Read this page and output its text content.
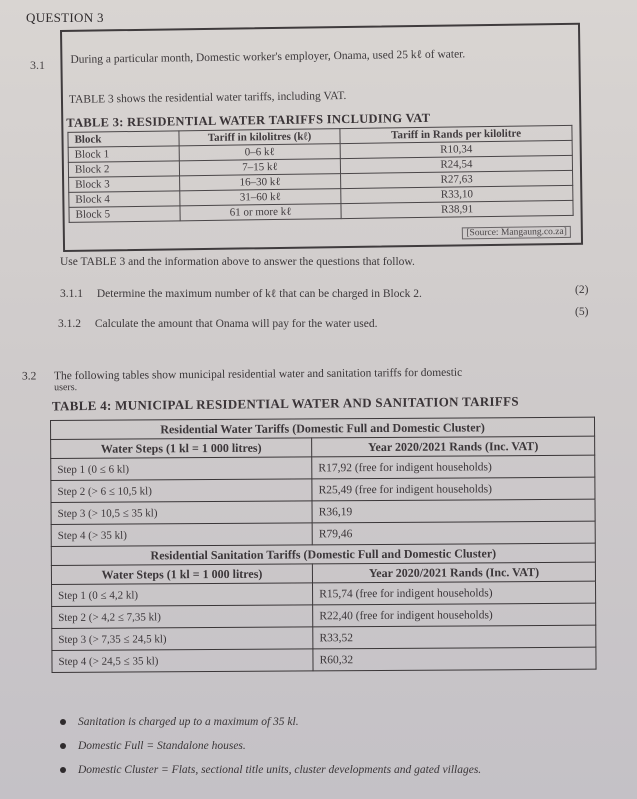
QUESTION 3
3.1 During a particular month, Domestic worker's employer, Onama, used 25 kℓ of water.
TABLE 3 shows the residential water tariffs, including VAT.
TABLE 3: RESIDENTIAL WATER TARIFFS INCLUDING VAT
Block	Tariff in kilolitres (kℓ)	Tariff in Rands per kilolitre
Block 1	0–6 kℓ	R10,34
Block 2	7–15 kℓ	R24,54
Block 3	16–30 kℓ	R27,63
Block 4	31–60 kℓ	R33,10
Block 5	61 or more kℓ	R38,91
[Source: Mangaung.co.za]
Use TABLE 3 and the information above to answer the questions that follow.
3.1.1 Determine the maximum number of kℓ that can be charged in Block 2.	(2)
3.1.2 Calculate the amount that Onama will pay for the water used.
(5)
3.2 The following tables show municipal residential water and sanitation tariffs for domestic
users.
TABLE 4: MUNICIPAL RESIDENTIAL WATER AND SANITATION TARIFFS
Residential Water Tariffs (Domestic Full and Domestic Cluster)	
Water Steps (1 kl = 1 000 litres)	Year 2020/2021 Rands (Inc. VAT)
Step 1 (0 ≤ 6 kl)	R17,92 (free for indigent households)
Step 2 (> 6 ≤ 10,5 kl)	R25,49 (free for indigent households)
Step 3 (> 10,5 ≤ 35 kl)	R36,19
Step 4 (> 35 kl)	R79,46
Residential Sanitation Tariffs (Domestic Full and Domestic Cluster)	
Water Steps (1 kl = 1 000 litres)	Year 2020/2021 Rands (Inc. VAT)
Step 1 (0 ≤ 4,2 kl)	R15,74 (free for indigent households)
Step 2 (> 4,2 ≤ 7,35 kl)	R22,40 (free for indigent households)
Step 3 (> 7,35 ≤ 24,5 kl)	R33,52
Step 4 (> 24,5 ≤ 35 kl)	R60,32
Sanitation is charged up to a maximum of 35 kl.
Domestic Full = Standalone houses.
Domestic Cluster = Flats, sectional title units, cluster developments and gated villages.
